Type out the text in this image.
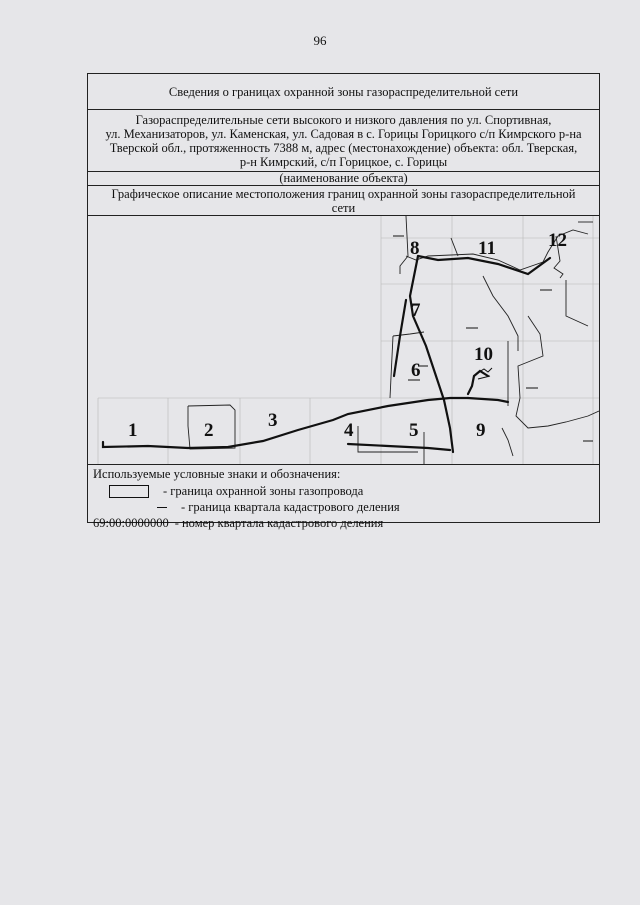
96
Сведения о границах охранной зоны газораспределительной сети
Газораспределительные сети высокого и низкого давления по ул. Спортивная,
ул. Механизаторов, ул. Каменская, ул. Садовая в с. Горицы Горицкого с/п Кимрского р-на
Тверской обл., протяженность 7388 м, адрес (местонахождение) объекта: обл. Тверская,
р-н Кимрский, с/п Горицкое, с. Горицы
(наименование объекта)
Графическое описание местоположения границ охранной зоны газораспределительной
сети
1	2	3	4	5
6
7
8
9
10
11	12
Используемые условные знаки и обозначения:
- граница охранной зоны газопровода
- граница квартала кадастрового деления
69:00:0000000 - номер квартала кадастрового деления
